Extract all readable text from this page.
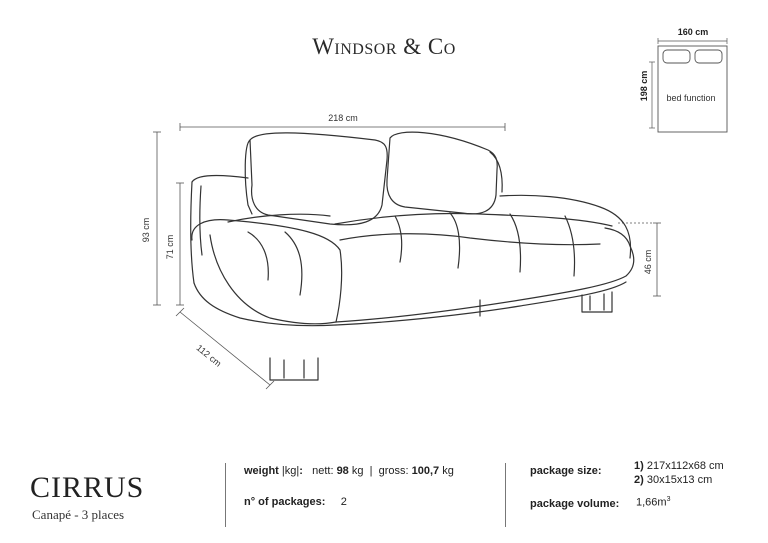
Windsor & Co
218 cm
93 cm
71 cm
46 cm
112 cm
160 cm
198 cm bed function
CIRRUS
Canapé - 3 places
weight |kg|: nett: 98 kg | gross: 100,7 kg
n° of packages: 2
package size:	1) 217x112x68 cm
2) 30x15x13 cm
package volume: $1,66m^3$
